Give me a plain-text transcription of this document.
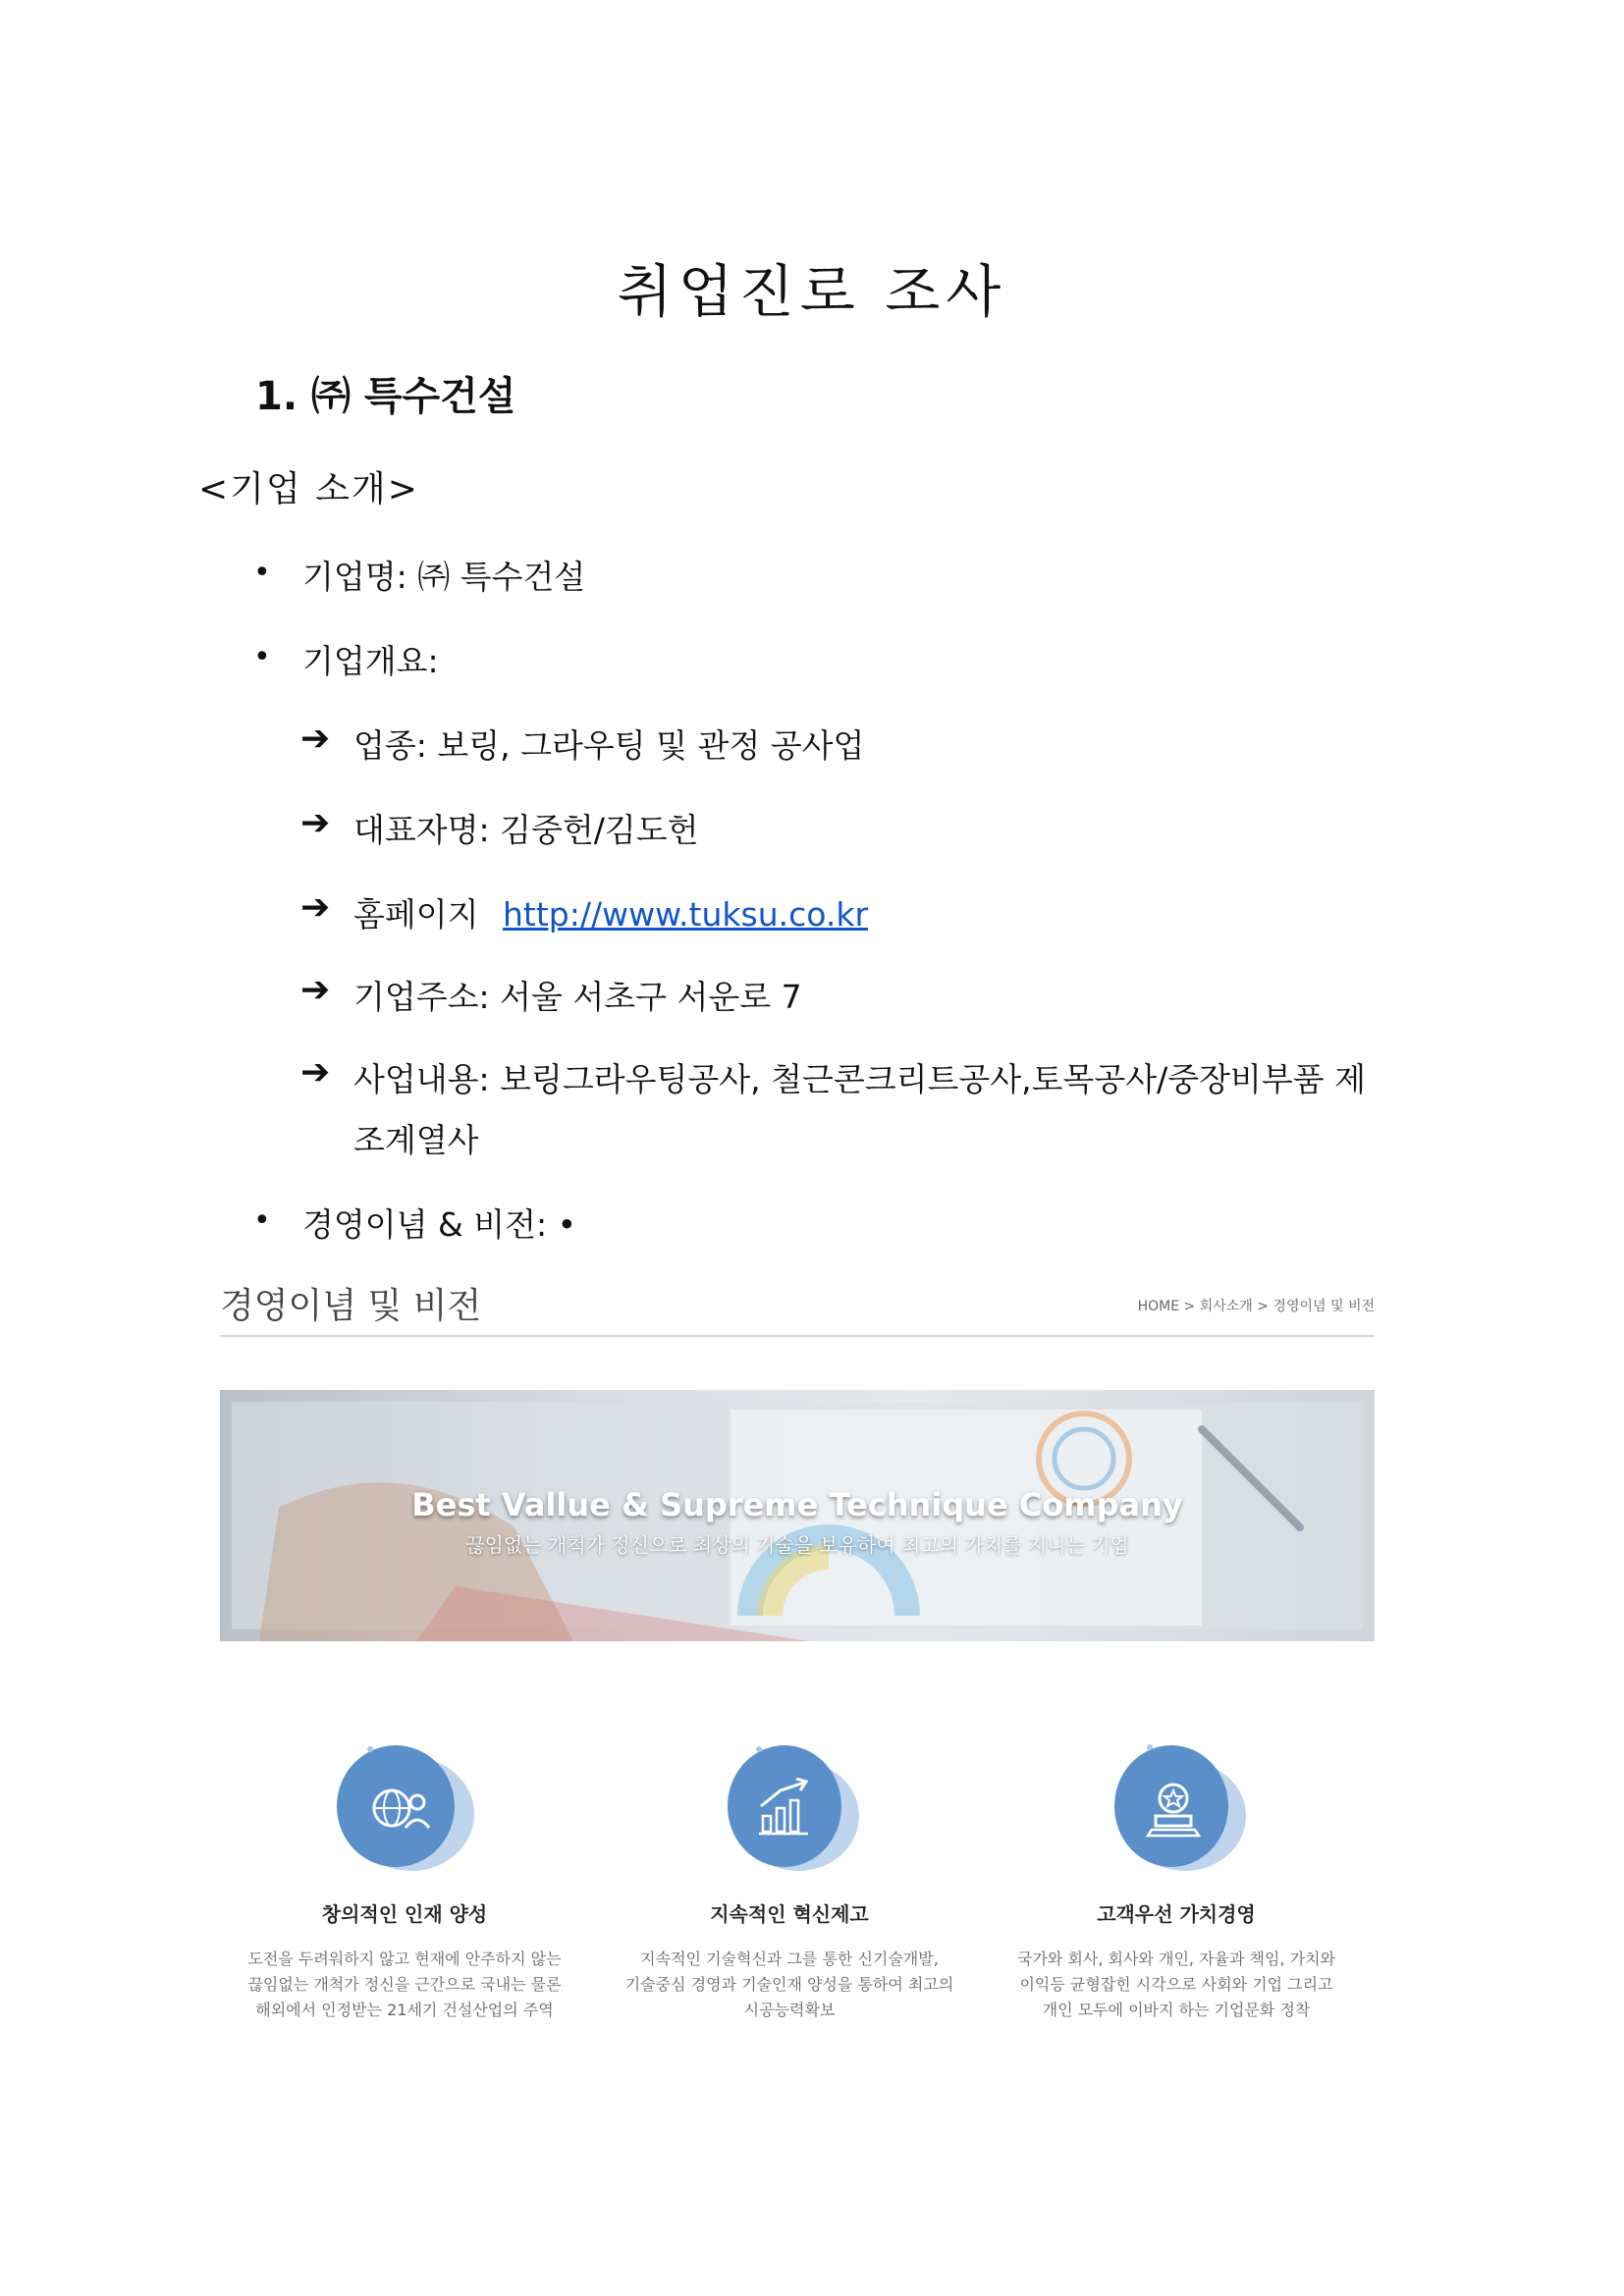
취업진로 조사
1. ㈜ 특수건설
<기업 소개>
• 기업명: ㈜ 특수건설
• 기업개요:
➔ 업종: 보링, 그라우팅 및 관정 공사업
➔ 대표자명: 김중헌/김도헌
➔ 홈페이지 http://www.tuksu.co.kr
➔ 기업주소: 서울 서초구 서운로 7
➔ 사업내용: 보링그라우팅공사, 철근콘크리트공사,토목공사/중장비부품 제
조계열사
• 경영이념 & 비전: •
경영이념 및 비전	HOME > 회사소개 > 경영이념 및 비전
Best Vallue & Supreme Technique Company
끊임없는 개척가 정신으로 최상의 기술을 보유하여 최고의 가치를 지니는 기업
창의적인 인재 양성
도전을 두려워하지 않고 현재에 안주하지 않는
끊임없는 개척가 정신을 근간으로 국내는 물론
해외에서 인정받는 21세기 건설산업의 주역
지속적인 혁신제고
지속적인 기술혁신과 그를 통한 신기술개발,
기술중심 경영과 기술인재 양성을 통하여 최고의
시공능력확보
고객우선 가치경영
국가와 회사, 회사와 개인, 자율과 책임, 가치와
이익등 균형잡힌 시각으로 사회와 기업 그리고
개인 모두에 이바지 하는 기업문화 정착
